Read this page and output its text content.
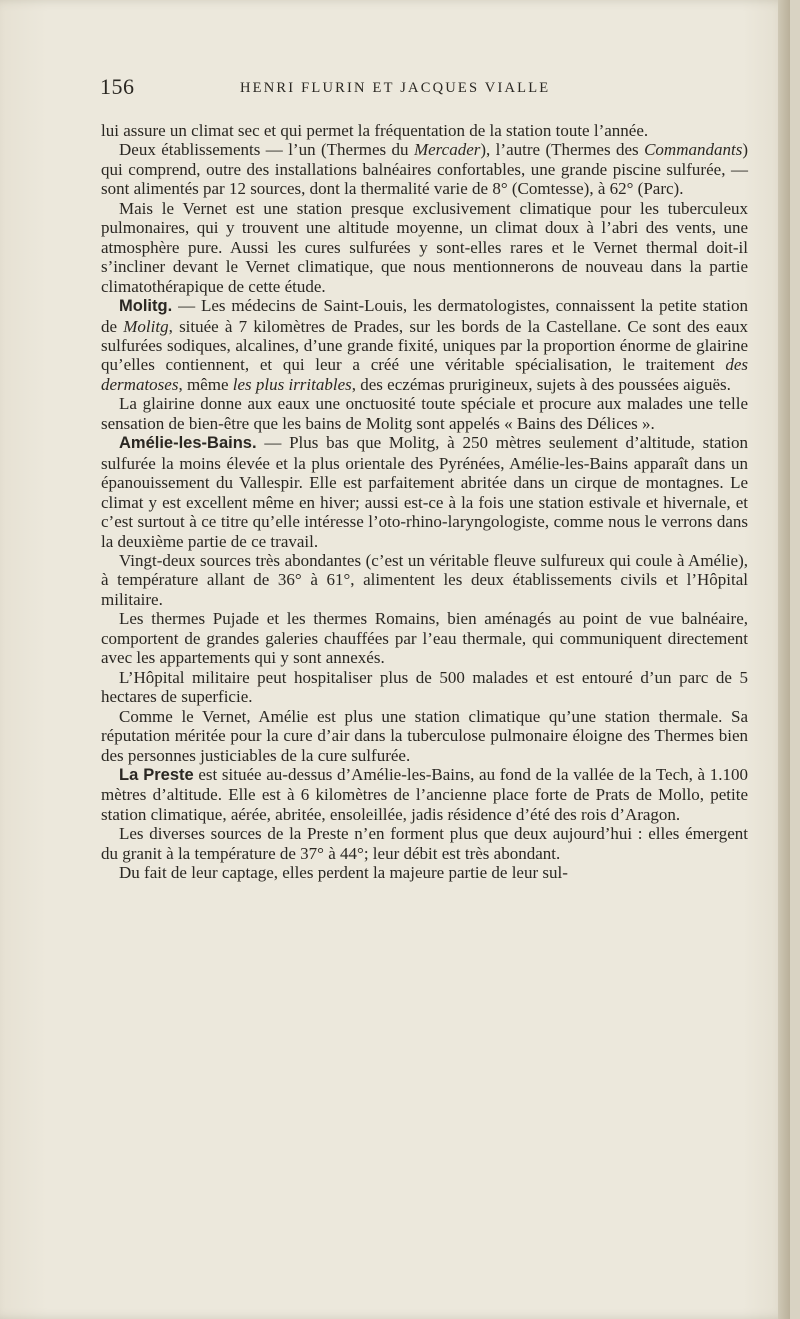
156	HENRI FLURIN ET JACQUES VIALLE

lui assure un climat sec et qui permet la fréquentation de la station toute l’année.

Deux établissements — l’un (Thermes du Mercader), l’autre (Thermes des Commandants) qui comprend, outre des installations balnéaires confortables, une grande piscine sulfurée, — sont alimentés par 12 sources, dont la thermalité varie de 8° (Comtesse), à 62° (Parc).

Mais le Vernet est une station presque exclusivement climatique pour les tuberculeux pulmonaires, qui y trouvent une altitude moyenne, un climat doux à l’abri des vents, une atmosphère pure. Aussi les cures sulfurées y sont-elles rares et le Vernet thermal doit-il s’incliner devant le Vernet climatique, que nous mentionnerons de nouveau dans la partie climatothérapique de cette étude.

Molitg. — Les médecins de Saint-Louis, les dermatologistes, connaissent la petite station de Molitg, située à 7 kilomètres de Prades, sur les bords de la Castellane. Ce sont des eaux sulfurées sodiques, alcalines, d’une grande fixité, uniques par la proportion énorme de glairine qu’elles contiennent, et qui leur a créé une véritable spécialisation, le traitement des dermatoses, même les plus irritables, des eczémas prurigineux, sujets à des poussées aiguës.

La glairine donne aux eaux une onctuosité toute spéciale et procure aux malades une telle sensation de bien-être que les bains de Molitg sont appelés « Bains des Délices ».

Amélie-les-Bains. — Plus bas que Molitg, à 250 mètres seulement d’altitude, station sulfurée la moins élevée et la plus orientale des Pyrénées, Amélie-les-Bains apparaît dans un épanouissement du Vallespir. Elle est parfaitement abritée dans un cirque de montagnes. Le climat y est excellent même en hiver; aussi est-ce à la fois une station estivale et hivernale, et c’est surtout à ce titre qu’elle intéresse l’oto-rhino-laryngologiste, comme nous le verrons dans la deuxième partie de ce travail.

Vingt-deux sources très abondantes (c’est un véritable fleuve sulfureux qui coule à Amélie), à température allant de 36° à 61°, alimentent les deux établissements civils et l’Hôpital militaire.

Les thermes Pujade et les thermes Romains, bien aménagés au point de vue balnéaire, comportent de grandes galeries chauffées par l’eau thermale, qui communiquent directement avec les appartements qui y sont annexés.

L’Hôpital militaire peut hospitaliser plus de 500 malades et est entouré d’un parc de 5 hectares de superficie.

Comme le Vernet, Amélie est plus une station climatique qu’une station thermale. Sa réputation méritée pour la cure d’air dans la tuberculose pulmonaire éloigne des Thermes bien des personnes justiciables de la cure sulfurée.

La Preste est située au-dessus d’Amélie-les-Bains, au fond de la vallée de la Tech, à 1.100 mètres d’altitude. Elle est à 6 kilomètres de l’ancienne place forte de Prats de Mollo, petite station climatique, aérée, abritée, ensoleillée, jadis résidence d’été des rois d’Aragon.

Les diverses sources de la Preste n’en forment plus que deux aujourd’hui : elles émergent du granit à la température de 37° à 44°; leur débit est très abondant.

Du fait de leur captage, elles perdent la majeure partie de leur sul-
